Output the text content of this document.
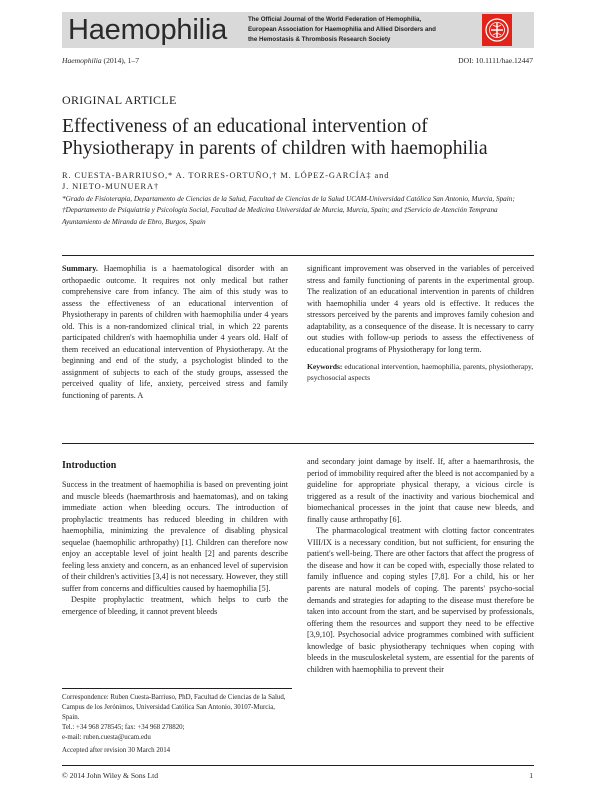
Haemophilia	The Official Journal of the World Federation of Hemophilia,
European Association for Haemophilia and Allied Disorders and
the Hemostasis & Thrombosis Research Society
Haemophilia (2014), 1–7	DOI: 10.1111/hae.12447
ORIGINAL ARTICLE
Effectiveness of an educational intervention of
Physiotherapy in parents of children with haemophilia
R. CUESTA-BARRIUSO,* A. TORRES-ORTUÑO,† M. LÓPEZ-GARCÍA‡ and
J. NIETO-MUNUERA†
*Grado de Fisioterapia, Departamento de Ciencias de la Salud, Facultad de Ciencias de la Salud UCAM-Universidad Católica San Antonio, Murcia, Spain; †Departamento de Psiquiatría y Psicología Social, Facultad de Medicina Universidad de Murcia, Murcia, Spain; and ‡Servicio de Atención Temprana Ayuntamiento de Miranda de Ebro, Burgos, Spain

Summary. Haemophilia is a haematological disorder with an orthopaedic outcome. It requires not only medical but rather comprehensive care from infancy. The aim of this study was to assess the effectiveness of an educational intervention of Physiotherapy in parents of children with haemophilia under 4 years old. This is a non-randomized clinical trial, in which 22 parents participated children's with haemophilia under 4 years old. Half of them received an educational intervention of Physiotherapy. At the beginning and end of the study, a psychologist blinded to the assignment of subjects to each of the study groups, assessed the perceived quality of life, anxiety, perceived stress and family functioning of parents. A

significant improvement was observed in the variables of perceived stress and family functioning of parents in the experimental group. The realization of an educational intervention in parents of children with haemophilia under 4 years old is effective. It reduces the stressors perceived by the parents and improves family cohesion and adaptability, as a consequence of the disease. It is necessary to carry out studies with follow-up periods to assess the effectiveness of educational programs of Physiotherapy for long term.

Keywords: educational intervention, haemophilia, parents, physiotherapy, psychosocial aspects

Introduction

Success in the treatment of haemophilia is based on preventing joint and muscle bleeds (haemarthrosis and haematomas), and on taking immediate action when bleeding occurs. The introduction of prophylactic treatments has reduced bleeding in children with haemophilia, minimizing the prevalence of disabling physical sequelae (haemophilic arthropathy) [1]. Children can therefore now enjoy an acceptable level of joint health [2] and parents describe feeling less anxiety and concern, as an enhanced level of supervision of their children's activities [3,4] is not necessary. However, they still suffer from concerns and difficulties caused by haemophilia [5].

Despite prophylactic treatment, which helps to curb the emergence of bleeding, it cannot prevent bleeds

and secondary joint damage by itself. If, after a haemarthrosis, the period of immobility required after the bleed is not accompanied by a guideline for appropriate physical therapy, a vicious circle is triggered as a result of the inactivity and various biochemical and biomechanical processes in the joint that cause new bleeds, and finally cause arthropathy [6].

The pharmacological treatment with clotting factor concentrates VIII/IX is a necessary condition, but not sufficient, for ensuring the patient's well-being. There are other factors that affect the progress of the disease and how it can be coped with, especially those related to family influence and coping styles [7,8]. For a child, his or her parents are natural models of coping. The parents' psycho-social demands and strategies for adapting to the disease must therefore be taken into account from the start, and be supervised by professionals, offering them the resources and support they need to be effective [3,9,10]. Psychosocial advice programmes combined with sufficient knowledge of basic physiotherapy techniques when coping with bleeds in the musculoskeletal system, are essential for the parents of children with haemophilia to prevent their

Correspondence: Ruben Cuesta-Barriuso, PhD, Facultad de Ciencias de la Salud, Campus de los Jerónimos, Universidad Católica San Antonio, 30107-Murcia, Spain.
Tel.: +34 968 278545; fax: +34 968 278820;
e-mail: ruben.cuesta@ucam.edu
Accepted after revision 30 March 2014
© 2014 John Wiley & Sons Ltd	1
